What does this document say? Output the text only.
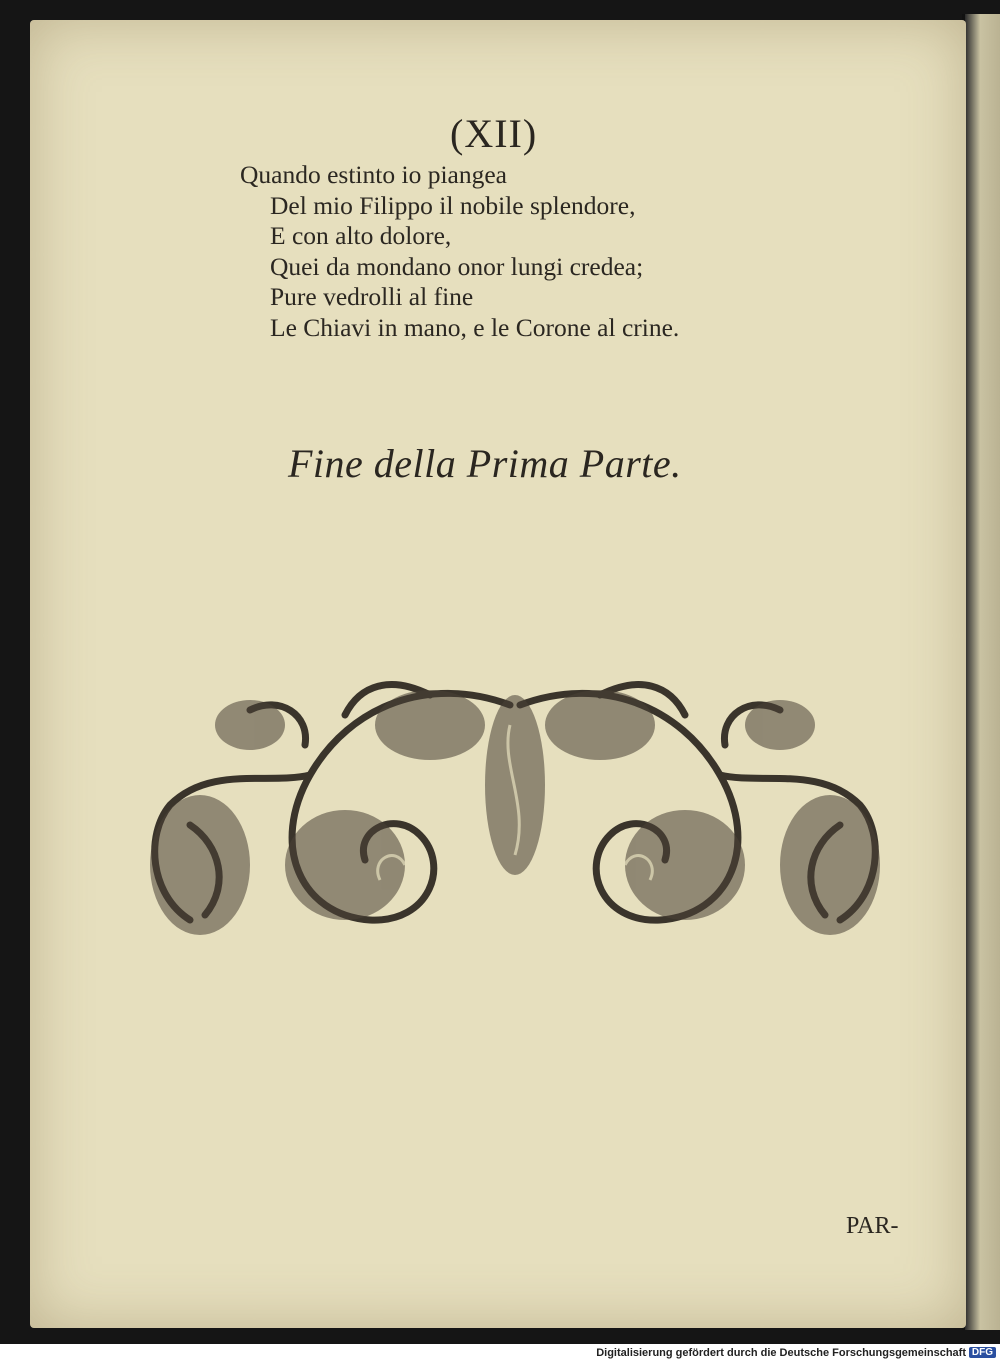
(XII)
Quando estinto io piangea
Del mio Filippo il nobile splendore,
E con alto dolore,
Quei da mondano onor lungi credea;
Pure vedrolli al fine
Le Chiavi in mano, e le Corone al crine.
Fine della Prima Parte.
PAR-
Digitalisierung gefördert durch die Deutsche Forschungsgemeinschaft DFG
